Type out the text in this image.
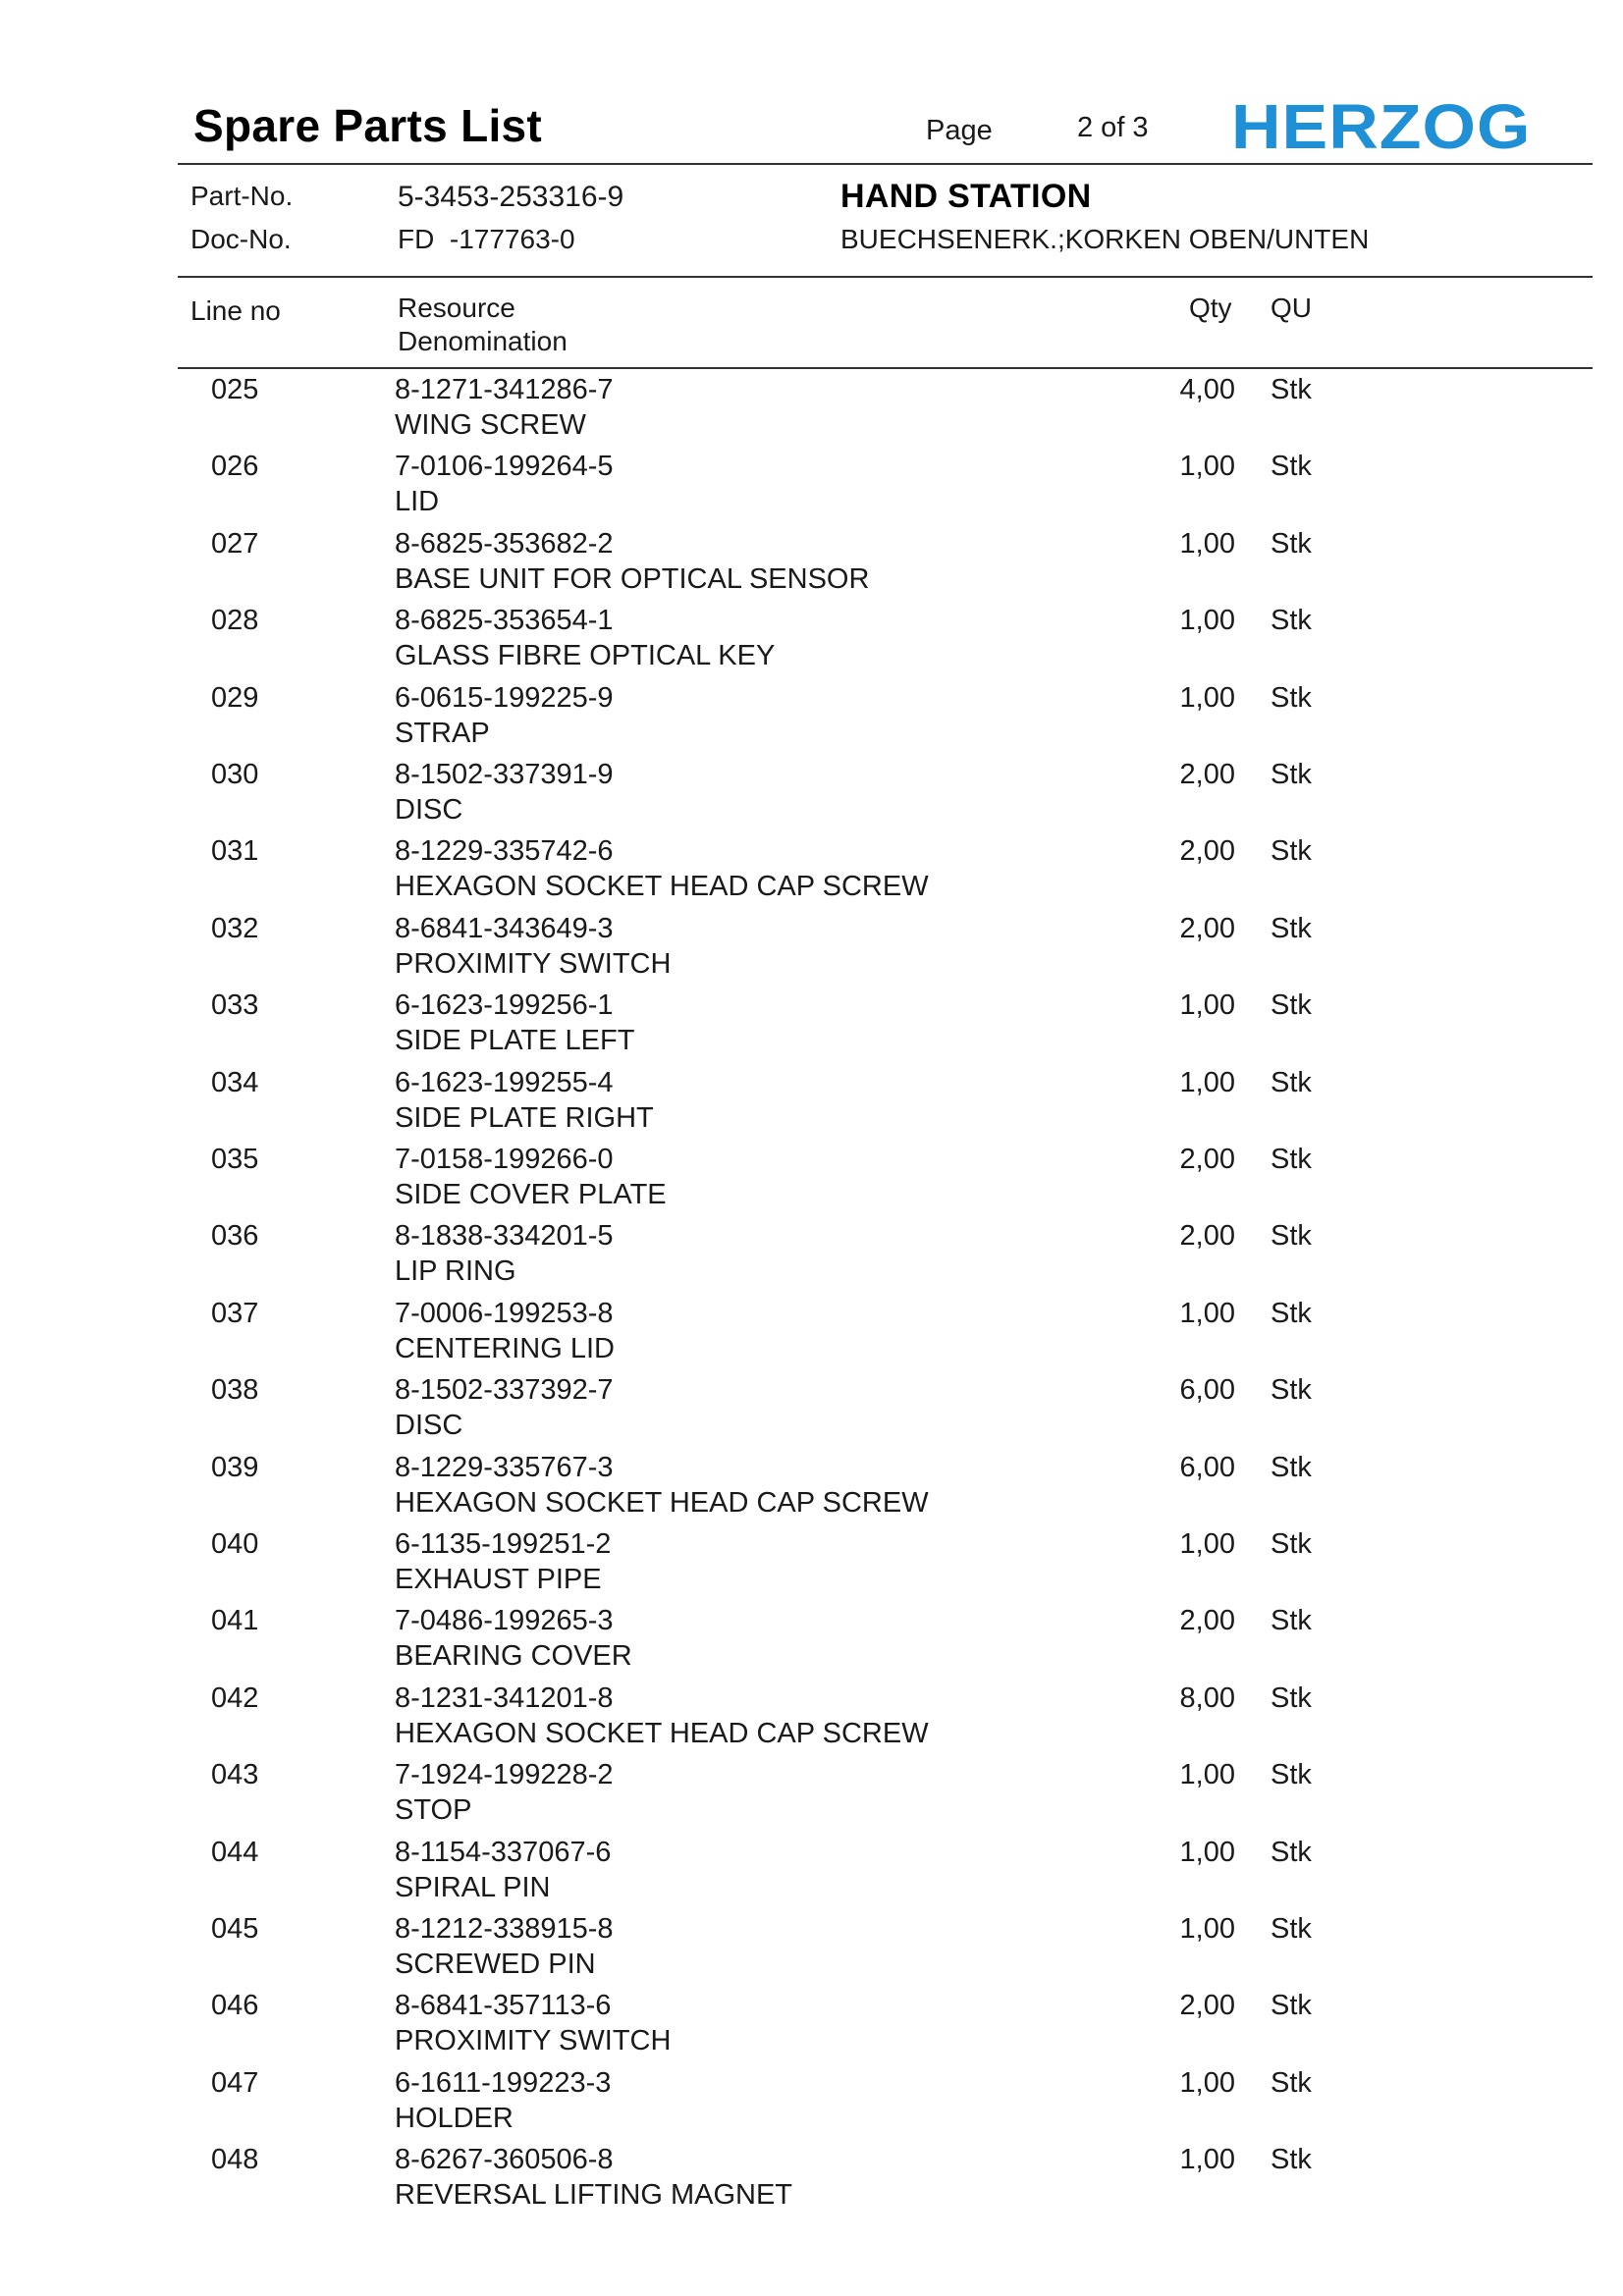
Spare Parts List	Page	2 of 3 HERZOG
Part-No.	5-3453-253316-9	HAND STATION
Doc-No.	FD  -177763-0	BUECHSENERK.;KORKEN OBEN/UNTEN
Line no	Resource
Denomination
Qty QU
025	8-1271-341286-7
WING SCREW
4,00 Stk
026	7-0106-199264-5
LID
1,00 Stk
027	8-6825-353682-2
BASE UNIT FOR OPTICAL SENSOR
1,00 Stk
028	8-6825-353654-1
GLASS FIBRE OPTICAL KEY
1,00 Stk
029	6-0615-199225-9
STRAP
1,00 Stk
030	8-1502-337391-9
DISC
2,00 Stk
031	8-1229-335742-6
HEXAGON SOCKET HEAD CAP SCREW
2,00 Stk
032	8-6841-343649-3
PROXIMITY SWITCH
2,00 Stk
033	6-1623-199256-1
SIDE PLATE LEFT
1,00 Stk
034	6-1623-199255-4
SIDE PLATE RIGHT
1,00 Stk
035	7-0158-199266-0
SIDE COVER PLATE
2,00 Stk
036	8-1838-334201-5
LIP RING
2,00 Stk
037	7-0006-199253-8
CENTERING LID
1,00 Stk
038	8-1502-337392-7
DISC
6,00 Stk
039	8-1229-335767-3
HEXAGON SOCKET HEAD CAP SCREW
6,00 Stk
040	6-1135-199251-2
EXHAUST PIPE
1,00 Stk
041	7-0486-199265-3
BEARING COVER
2,00 Stk
042	8-1231-341201-8
HEXAGON SOCKET HEAD CAP SCREW
8,00 Stk
043	7-1924-199228-2
STOP
1,00 Stk
044	8-1154-337067-6
SPIRAL PIN
1,00 Stk
045	8-1212-338915-8
SCREWED PIN
1,00 Stk
046	8-6841-357113-6
PROXIMITY SWITCH
2,00 Stk
047	6-1611-199223-3
HOLDER
1,00 Stk
048	8-6267-360506-8
REVERSAL LIFTING MAGNET
1,00 Stk
